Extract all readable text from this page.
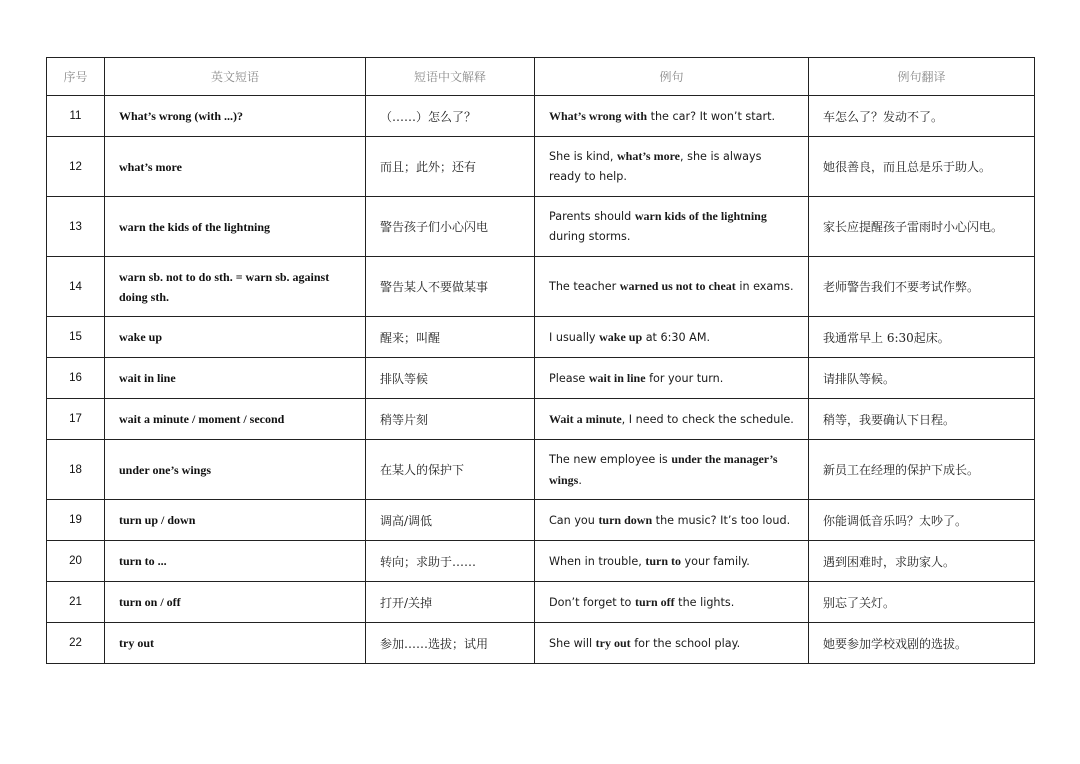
序号	英文短语	短语中文解释	例句	例句翻译
11	What’s wrong (with ...)?	（……）怎么了？	What’s wrong with the car? It won’t start.	车怎么了？发动不了。
12	what’s more	而且；此外；还有	She is kind, what’s more, she is always ready to help.	她很善良，而且总是乐于助人。
13	warn the kids of the lightning	警告孩子们小心闪电	Parents should warn kids of the lightning during storms.	家长应提醒孩子雷雨时小心闪电。
14	warn sb. not to do sth. = warn sb. against doing sth.	警告某人不要做某事	The teacher warned us not to cheat in exams.	老师警告我们不要考试作弊。
15	wake up	醒来；叫醒	I usually wake up at 6:30 AM.	我通常早上 6:30起床。
16	wait in line	排队等候	Please wait in line for your turn.	请排队等候。
17	wait a minute / moment / second	稍等片刻	Wait a minute, I need to check the schedule.	稍等，我要确认下日程。
18	under one’s wings	在某人的保护下	The new employee is under the manager’s wings.	新员工在经理的保护下成长。
19	turn up / down	调高/调低	Can you turn down the music? It’s too loud.	你能调低音乐吗？太吵了。
20	turn to ...	转向；求助于……	When in trouble, turn to your family.	遇到困难时，求助家人。
21	turn on / off	打开/关掉	Don’t forget to turn off the lights.	别忘了关灯。
22	try out	参加……选拔；试用	She will try out for the school play.	她要参加学校戏剧的选拔。
